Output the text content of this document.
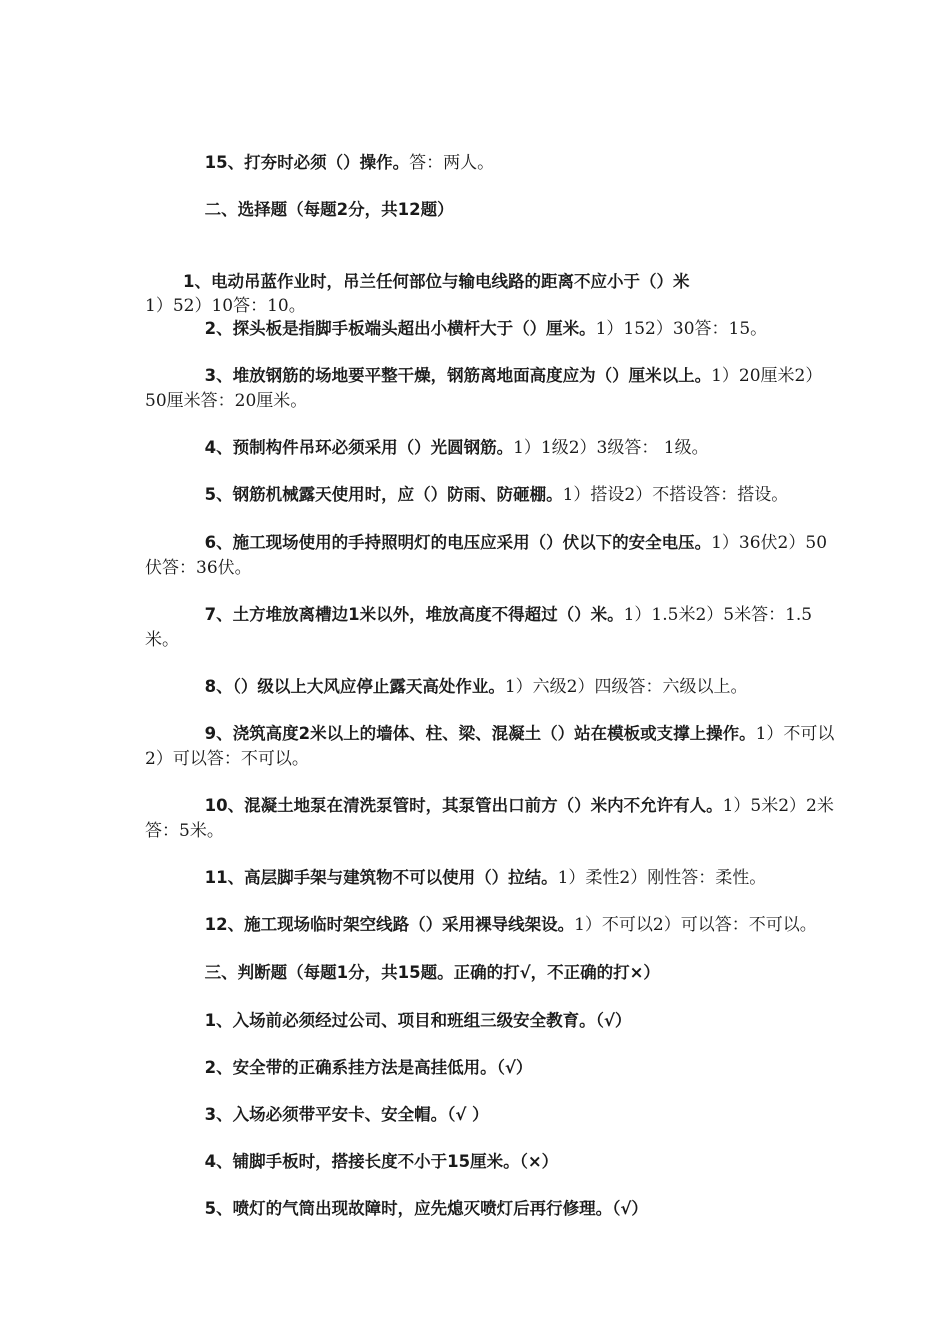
15、打夯时必须（）操作。答：两人。

二、选择题（每题2分，共12题）

1、电动吊蓝作业时，吊兰任何部位与输电线路的距离不应小于（）米
1）52）10答：10。

2、探头板是指脚手板端头超出小横杆大于（）厘米。1）152）30答：15。

3、堆放钢筋的场地要平整干燥，钢筋离地面高度应为（）厘米以上。1）20厘米2）50厘米答：20厘米。

4、预制构件吊环必须采用（）光圆钢筋。1）1级2）3级答： 1级。

5、钢筋机械露天使用时，应（）防雨、防砸棚。1）搭设2）不搭设答：搭设。

6、施工现场使用的手持照明灯的电压应采用（）伏以下的安全电压。1）36伏2）50伏答：36伏。

7、土方堆放离槽边1米以外，堆放高度不得超过（）米。1）1.5米2）5米答：1.5米。

8、（）级以上大风应停止露天高处作业。1）六级2）四级答：六级以上。

9、浇筑高度2米以上的墙体、柱、梁、混凝土（）站在模板或支撑上操作。1）不可以2）可以答：不可以。

10、混凝土地泵在清洗泵管时，其泵管出口前方（）米内不允许有人。1）5米2）2米答：5米。

11、高层脚手架与建筑物不可以使用（）拉结。1）柔性2）刚性答：柔性。

12、施工现场临时架空线路（）采用裸导线架设。1）不可以2）可以答：不可以。

三、判断题（每题1分，共15题。正确的打√，不正确的打×）

1、入场前必须经过公司、项目和班组三级安全教育。（√）

2、安全带的正确系挂方法是高挂低用。（√）

3、入场必须带平安卡、安全帽。（√ ）

4、铺脚手板时，搭接长度不小于15厘米。（×）

5、喷灯的气筒出现故障时，应先熄灭喷灯后再行修理。（√）
